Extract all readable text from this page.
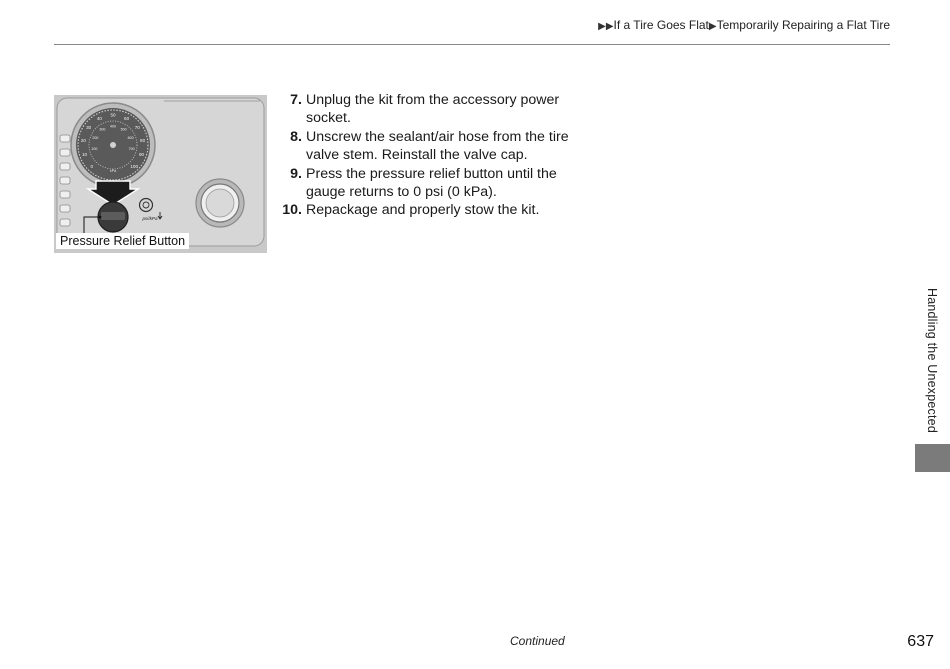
▶▶If a Tire Goes Flat▶Temporarily Repairing a Flat Tire
10
20
30
40
50
60
70
80
90
100
100
200
300
400
500
600
700
0
kPa
psi/kPa
Pressure Relief Button
7. Unplug the kit from the accessory power socket.
8. Unscrew the sealant/air hose from the tire valve stem. Reinstall the valve cap.
9. Press the pressure relief button until the gauge returns to 0 psi (0 kPa).
10. Repackage and properly stow the kit.
Handling the Unexpected
Continued	637
